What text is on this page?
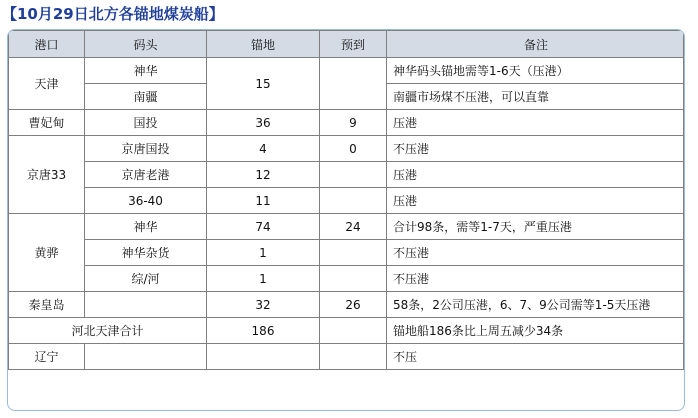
【10月29日北方各锚地煤炭船】
港口	码头	锚地	预到	备注
天津	神华	15		神华码头锚地需等1-6天（压港）
	南疆			南疆市场煤不压港，可以直靠
曹妃甸	国投	36	9	压港
京唐33	京唐国投	4	0	不压港
	京唐老港	12		压港
	36-40	11		压港
黄骅	神华	74	24	合计98条，需等1-7天，严重压港
	神华杂货	1		不压港
	综/河	1		不压港
秦皇岛		32	26	58条，2公司压港，6、7、9公司需等1-5天压港
河北天津合计		186		锚地船186条比上周五减少34条
辽宁				不压
